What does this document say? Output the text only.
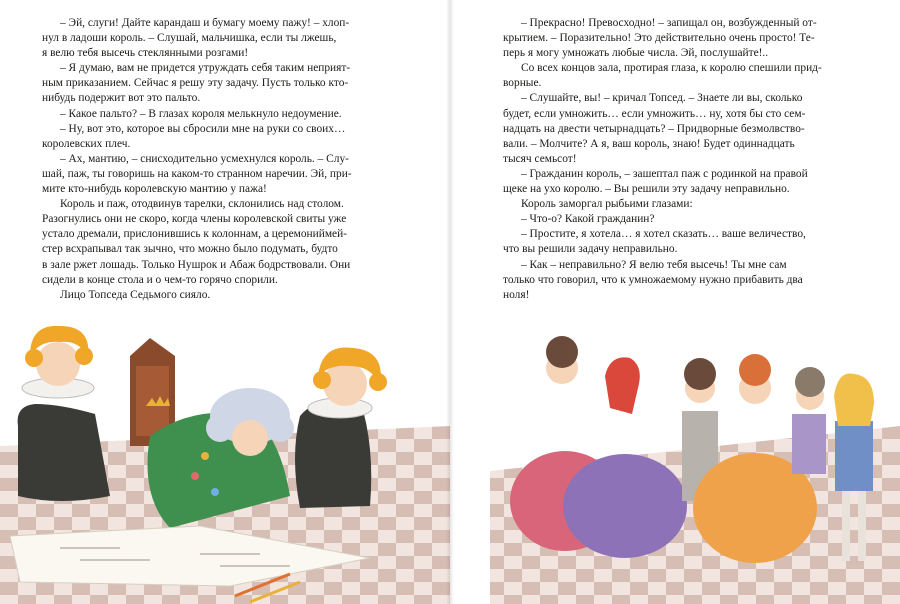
– Эй, слуги! Дайте карандаш и бумагу моему пажу! – хлоп-
нул в ладоши король. – Слушай, мальчишка, если ты лжешь,
я велю тебя высечь стеклянными розгами!

– Я думаю, вам не придется утруждать себя таким неприят-
ным приказанием. Сейчас я решу эту задачу. Пусть только кто-
нибудь подержит вот это пальто.

– Какое пальто? – В глазах короля мелькнуло недоумение.

– Ну, вот это, которое вы сбросили мне на руки со своих…
королевских плеч.

– Ах, мантию, – снисходительно усмехнулся король. – Слу-
шай, паж, ты говоришь на каком-то странном наречии. Эй, при-
мите кто-нибудь королевскую мантию у пажа!

Король и паж, отодвинув тарелки, склонились над столом.
Разогнулись они не скоро, когда члены королевской свиты уже
устало дремали, прислонившись к колоннам, а церемониймей-
стер всхрапывал так зычно, что можно было подумать, будто
в зале ржет лошадь. Только Нушрок и Абаж бодрствовали. Они
сидели в конце стола и о чем-то горячо спорили.

Лицо Топседа Седьмого сияло.

– Прекрасно! Превосходно! – запищал он, возбужденный от-
крытием. – Поразительно! Это действительно очень просто! Те-
перь я могу умножать любые числа. Эй, послушайте!..

Со всех концов зала, протирая глаза, к королю спешили прид-
ворные.

– Слушайте, вы! – кричал Топсед. – Знаете ли вы, сколько
будет, если умножить… если умножить… ну, хотя бы сто сем-
надцать на двести четырнадцать? – Придворные безмолвство-
вали. – Молчите? А я, ваш король, знаю! Будет одиннадцать
тысяч семьсот!

– Гражданин король, – зашептал паж с родинкой на правой
щеке на ухо королю. – Вы решили эту задачу неправильно.

Король заморгал рыбьими глазами:

– Что-о? Какой гражданин?

– Простите, я хотела… я хотел сказать… ваше величество,
что вы решили задачу неправильно.

– Как – неправильно? Я велю тебя высечь! Ты мне сам
только что говорил, что к умножаемому нужно прибавить два
ноля!
